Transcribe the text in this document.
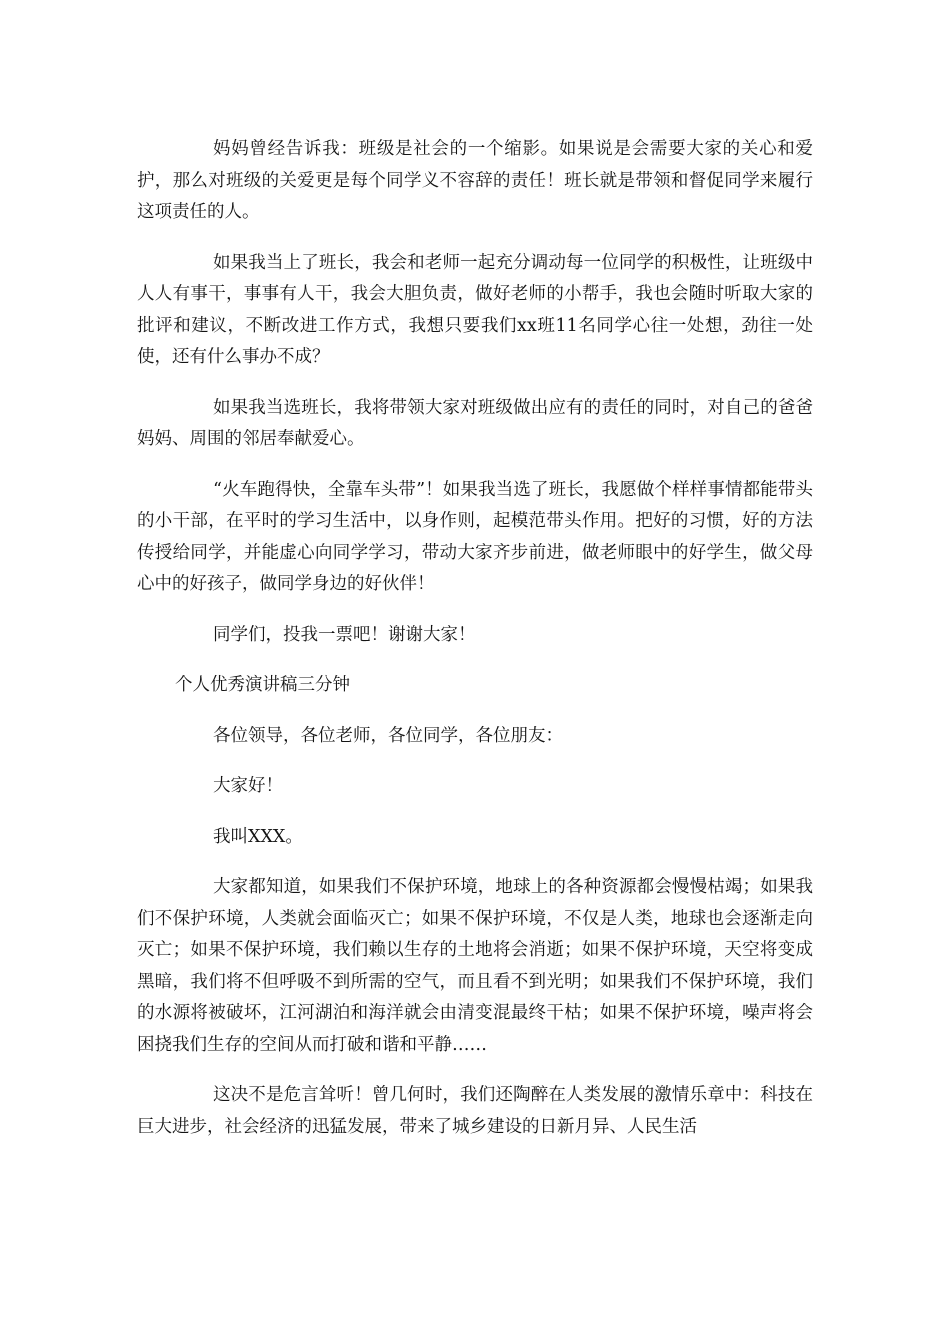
妈妈曾经告诉我：班级是社会的一个缩影。如果说是会需要大家的关心和爱护，那么对班级的关爱更是每个同学义不容辞的责任！班长就是带领和督促同学来履行这项责任的人。

如果我当上了班长，我会和老师一起充分调动每一位同学的积极性，让班级中人人有事干，事事有人干，我会大胆负责，做好老师的小帮手，我也会随时听取大家的批评和建议，不断改进工作方式，我想只要我们xx班11名同学心往一处想，劲往一处使，还有什么事办不成？

如果我当选班长，我将带领大家对班级做出应有的责任的同时，对自己的爸爸妈妈、周围的邻居奉献爱心。

“火车跑得快，全靠车头带”！如果我当选了班长，我愿做个样样事情都能带头的小干部，在平时的学习生活中，以身作则，起模范带头作用。把好的习惯，好的方法传授给同学，并能虚心向同学学习，带动大家齐步前进，做老师眼中的好学生，做父母心中的好孩子，做同学身边的好伙伴！

同学们，投我一票吧！谢谢大家！

个人优秀演讲稿三分钟

各位领导，各位老师，各位同学，各位朋友：

大家好！

我叫XXX。

大家都知道，如果我们不保护环境，地球上的各种资源都会慢慢枯竭；如果我们不保护环境，人类就会面临灭亡；如果不保护环境，不仅是人类，地球也会逐渐走向灭亡；如果不保护环境，我们赖以生存的土地将会消逝；如果不保护环境，天空将变成黑暗，我们将不但呼吸不到所需的空气，而且看不到光明；如果我们不保护环境，我们的水源将被破坏，江河湖泊和海洋就会由清变混最终干枯；如果不保护环境，噪声将会困挠我们生存的空间从而打破和谐和平静……

这决不是危言耸听！曾几何时，我们还陶醉在人类发展的激情乐章中：科技在巨大进步，社会经济的迅猛发展，带来了城乡建设的日新月异、人民生活
